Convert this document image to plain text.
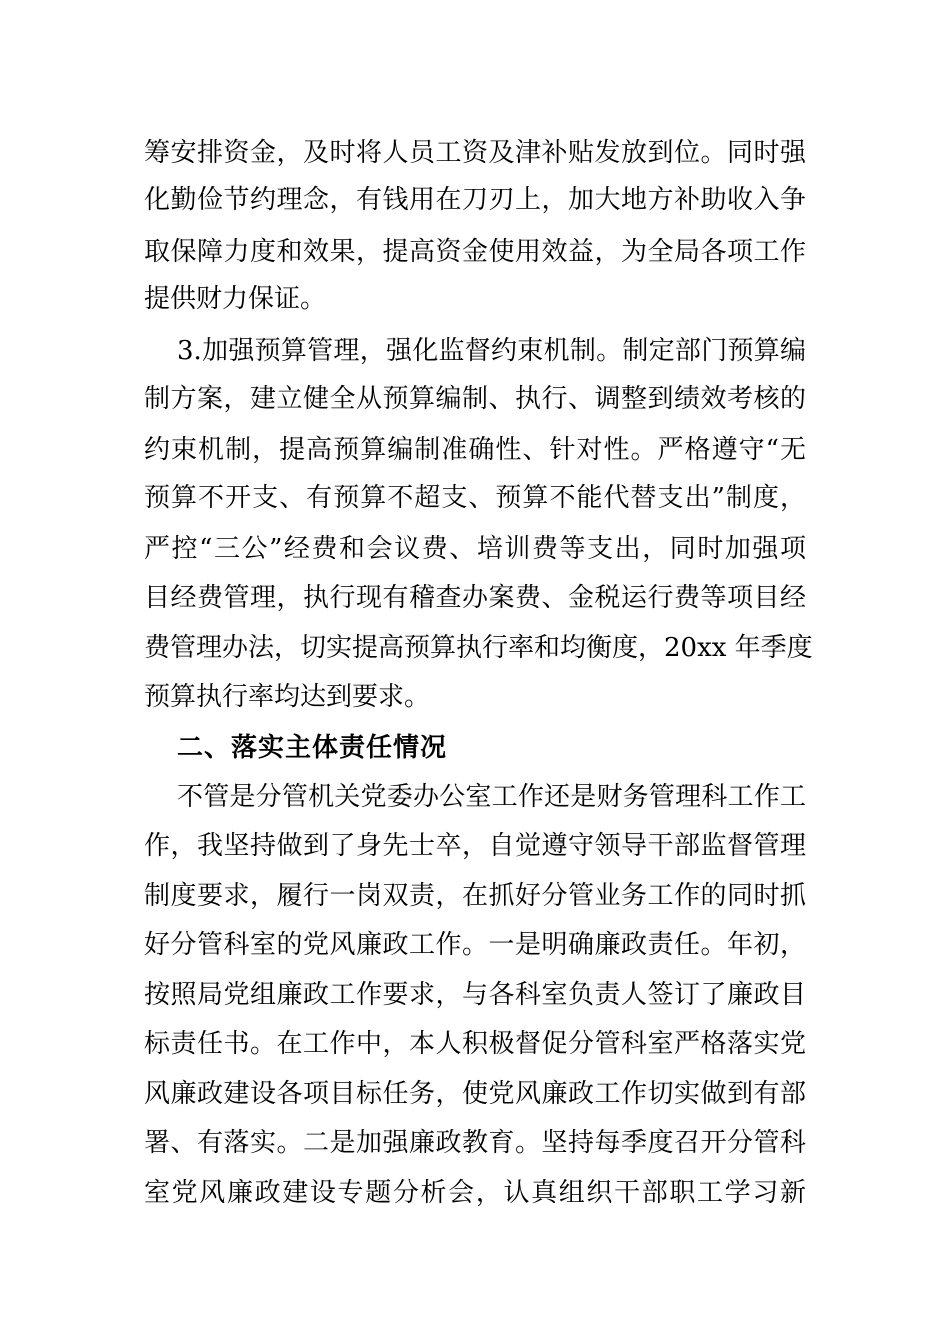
筹安排资金，及时将人员工资及津补贴发放到位。同时强
化勤俭节约理念，有钱用在刀刃上，加大地方补助收入争
取保障力度和效果，提高资金使用效益，为全局各项工作
提供财力保证。
3.加强预算管理，强化监督约束机制。制定部门预算编
制方案，建立健全从预算编制、执行、调整到绩效考核的
约束机制，提高预算编制准确性、针对性。严格遵守“无
预算不开支、有预算不超支、预算不能代替支出”制度，
严控“三公”经费和会议费、培训费等支出，同时加强项
目经费管理，执行现有稽查办案费、金税运行费等项目经
费管理办法，切实提高预算执行率和均衡度，20xx 年季度
预算执行率均达到要求。
二、落实主体责任情况
不管是分管机关党委办公室工作还是财务管理科工作工
作，我坚持做到了身先士卒，自觉遵守领导干部监督管理
制度要求，履行一岗双责，在抓好分管业务工作的同时抓
好分管科室的党风廉政工作。一是明确廉政责任。年初，
按照局党组廉政工作要求，与各科室负责人签订了廉政目
标责任书。在工作中，本人积极督促分管科室严格落实党
风廉政建设各项目标任务，使党风廉政工作切实做到有部
署、有落实。二是加强廉政教育。坚持每季度召开分管科
室党风廉政建设专题分析会，认真组织干部职工学习新
